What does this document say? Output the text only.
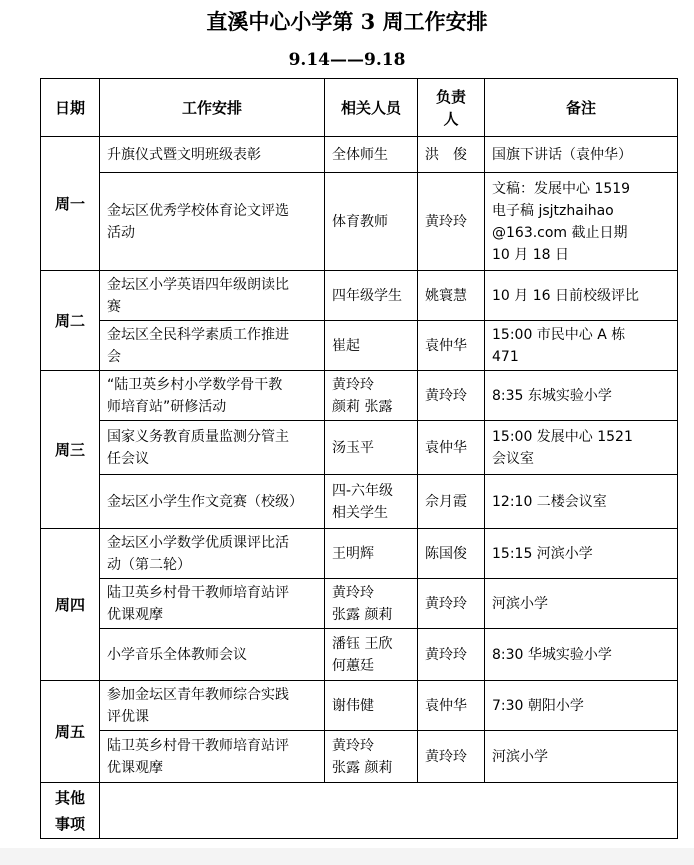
直溪中心小学第 3 周工作安排
9.14——9.18
日期	工作安排	相关人员	负责人	备注
周一	升旗仪式暨文明班级表彰	全体师生	洪　俊	国旗下讲话（袁仲华）

	金坛区优秀学校体育论文评选
活动	体育教师	黄玲玲	文稿：发展中心 1519
电子稿 jsjtzhaihao
@163.com 截止日期
10 月 18 日

周二	金坛区小学英语四年级朗读比
赛	四年级学生	姚寰慧	10 月 16 日前校级评比

	金坛区全民科学素质工作推进
会	崔起	袁仲华	15:00 市民中心 A 栋
471

周三	“陆卫英乡村小学数学骨干教
师培育站”研修活动	黄玲玲
颜莉 张露	黄玲玲	8:35 东城实验小学

	国家义务教育质量监测分管主
任会议	汤玉平	袁仲华	15:00 发展中心 1521
会议室

	金坛区小学生作文竞赛（校级）	四-六年级
相关学生	佘月霞	12:10 二楼会议室

周四	金坛区小学数学优质课评比活
动（第二轮）	王明辉	陈国俊	15:15 河滨小学

	陆卫英乡村骨干教师培育站评
优课观摩	黄玲玲
张露 颜莉	黄玲玲	河滨小学

	小学音乐全体教师会议	潘钰 王欣
何蕙廷	黄玲玲	8:30 华城实验小学

周五	参加金坛区青年教师综合实践
评优课	谢伟健	袁仲华	7:30 朝阳小学

	陆卫英乡村骨干教师培育站评
优课观摩	黄玲玲
张露 颜莉	黄玲玲	河滨小学

其他事项				
